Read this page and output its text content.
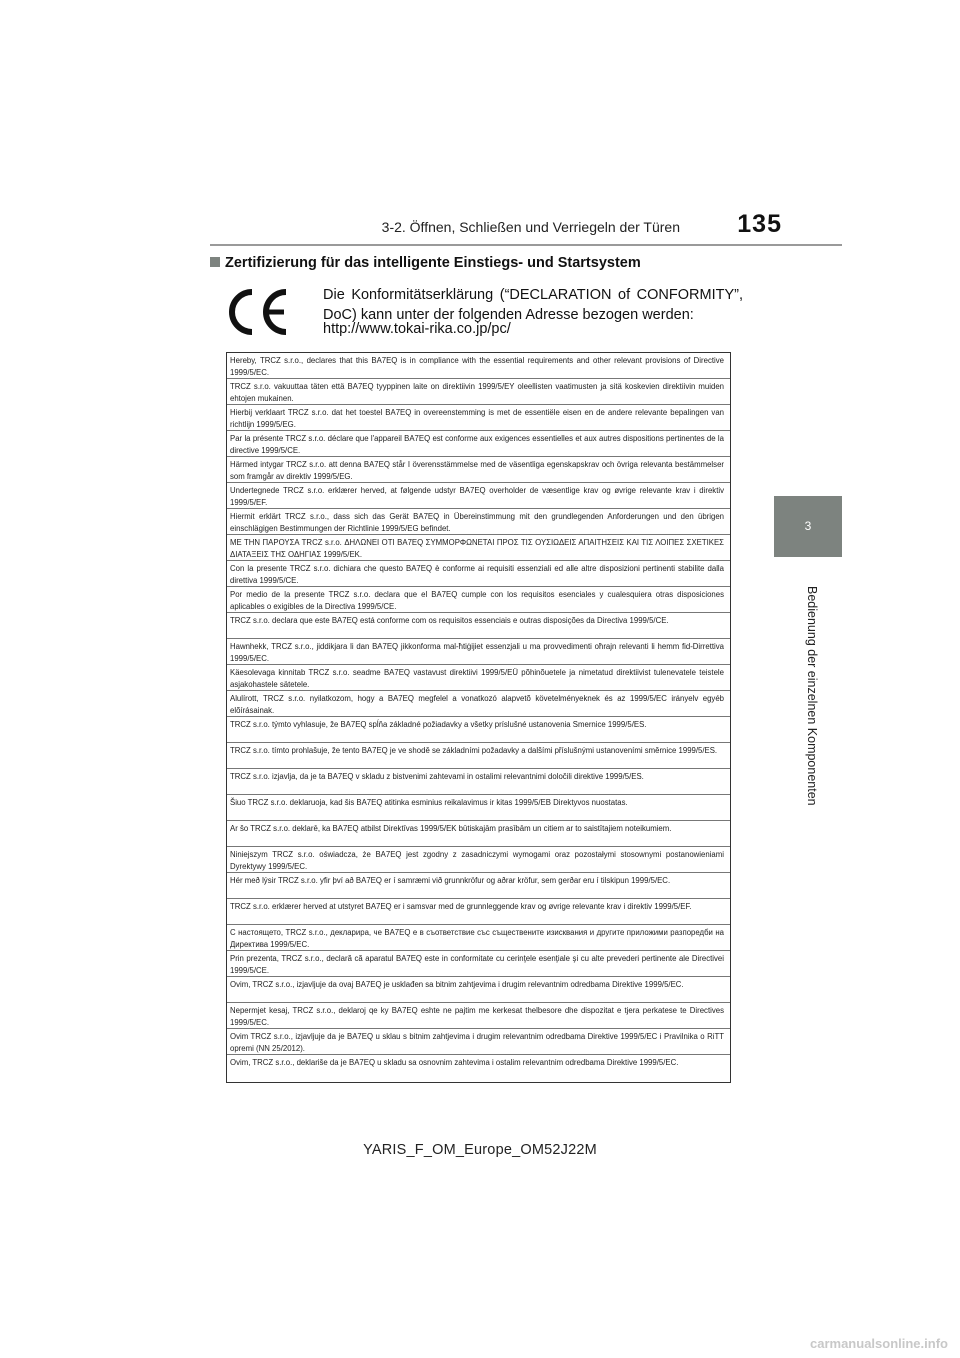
3-2. Öffnen, Schließen und Verriegeln der Türen	135
3
Bedienung der einzelnen Komponenten
Zertifizierung für das intelligente Einstiegs- und Startsystem
Die Konformitätserklärung (“DECLARATION of CONFORMITY”, DoC) kann unter der folgenden Adresse bezogen werden:
http://www.tokai-rika.co.jp/pc/

Hereby, TRCZ s.r.o., declares that this BA7EQ is in compliance with the essential requirements and other relevant provisions of Directive 1999/5/EC.

TRCZ s.r.o. vakuuttaa täten että BA7EQ tyyppinen laite on direktiivin 1999/5/EY oleellisten vaatimusten ja sitä koskevien direktiivin muiden ehtojen mukainen.

Hierbij verklaart TRCZ s.r.o. dat het toestel BA7EQ in overeenstemming is met de essentiële eisen en de andere relevante bepalingen van richtlijn 1999/5/EG.

Par la présente TRCZ s.r.o. déclare que l'appareil BA7EQ est conforme aux exigences essentielles et aux autres dispositions pertinentes de la directive 1999/5/CE.

Härmed intygar TRCZ s.r.o. att denna BA7EQ står I överensstämmelse med de väsentliga egenskapskrav och övriga relevanta bestämmelser som framgår av direktiv 1999/5/EG.

Undertegnede TRCZ s.r.o. erklærer herved, at følgende udstyr BA7EQ overholder de væsentlige krav og øvrige relevante krav i direktiv 1999/5/EF.

Hiermit erklärt TRCZ s.r.o., dass sich das Gerät BA7EQ in Übereinstimmung mit den grundlegenden Anforderungen und den übrigen einschlägigen Bestimmungen der Richtlinie 1999/5/EG befindet.

ΜΕ ΤΗΝ ΠΑΡΟΥΣΑ TRCZ s.r.o. ΔΗΛΩΝΕΙ ΟΤΙ BA7EQ ΣΥΜΜΟΡΦΩΝΕΤΑΙ ΠΡΟΣ ΤΙΣ ΟΥΣΙΩΔΕΙΣ ΑΠΑΙΤΗΣΕΙΣ ΚΑΙ ΤΙΣ ΛΟΙΠΕΣ ΣΧΕΤΙΚΕΣ ΔΙΑΤΑΞΕΙΣ ΤΗΣ ΟΔΗΓΙΑΣ 1999/5/ΕΚ.

Con la presente TRCZ s.r.o. dichiara che questo BA7EQ è conforme ai requisiti essenziali ed alle altre disposizioni pertinenti stabilite dalla direttiva 1999/5/CE.

Por medio de la presente TRCZ s.r.o. declara que el BA7EQ cumple con los requisitos esenciales y cualesquiera otras disposiciones aplicables o exigibles de la Directiva 1999/5/CE.

TRCZ s.r.o. declara que este BA7EQ está conforme com os requisitos essenciais e outras disposições da Directiva 1999/5/CE.

Hawnhekk, TRCZ s.r.o., jiddikjara li dan BA7EQ jikkonforma mal-ħtiġijiet essenzjali u ma provvedimenti oħrajn relevanti li hemm fid-Dirrettiva 1999/5/EC.

Käesolevaga kinnitab TRCZ s.r.o. seadme BA7EQ vastavust direktiivi 1999/5/EÜ põhinõuetele ja nimetatud direktiivist tulenevatele teistele asjakohastele sätetele.

Alulírott, TRCZ s.r.o. nyilatkozom, hogy a BA7EQ megfelel a vonatkozó alapvetõ követelményeknek és az 1999/5/EC irányelv egyéb elõírásainak.

TRCZ s.r.o. týmto vyhlasuje, že BA7EQ spĺňa základné požiadavky a všetky príslušné ustanovenia Smernice 1999/5/ES.

TRCZ s.r.o. tímto prohlašuje, že tento BA7EQ je ve shodě se základními požadavky a dalšími příslušnými ustanoveními směrnice 1999/5/ES.

TRCZ s.r.o. izjavlja, da je ta BA7EQ v skladu z bistvenimi zahtevami in ostalimi relevantnimi določili direktive 1999/5/ES.

Šiuo TRCZ s.r.o. deklaruoja, kad šis BA7EQ atitinka esminius reikalavimus ir kitas 1999/5/EB Direktyvos nuostatas.

Ar šo TRCZ s.r.o. deklarē, ka BA7EQ atbilst Direktīvas 1999/5/EK būtiskajām prasībām un citiem ar to saistītajiem noteikumiem.

Niniejszym TRCZ s.r.o. oświadcza, że BA7EQ jest zgodny z zasadniczymi wymogami oraz pozostałymi stosownymi postanowieniami Dyrektywy 1999/5/EC.

Hér með lýsir TRCZ s.r.o. yfir því að BA7EQ er í samræmi við grunnkröfur og aðrar kröfur, sem gerðar eru í tilskipun 1999/5/EC.

TRCZ s.r.o. erklærer herved at utstyret BA7EQ er i samsvar med de grunnleggende krav og øvrige relevante krav i direktiv 1999/5/EF.

С настоящето, TRCZ s.r.o., декларира, че BA7EQ е в съответствие със съществените изисквания и другите приложими разпоредби на Директива 1999/5/EC.

Prin prezenta, TRCZ s.r.o., declară că aparatul BA7EQ este in conformitate cu cerinţele esenţiale şi cu alte prevederi pertinente ale Directivei 1999/5/CE.

Ovim, TRCZ s.r.o., izjavljuje da ovaj BA7EQ je usklađen sa bitnim zahtjevima i drugim relevantnim odredbama Direktive 1999/5/EC.

Nepermjet kesaj, TRCZ s.r.o., deklaroj qe ky BA7EQ eshte ne pajtim me kerkesat thelbesore dhe dispozitat e tjera perkatese te Directives 1999/5/EC.

Ovim TRCZ s.r.o., izjavljuje da je BA7EQ u sklau s bitnim zahtjevima i drugim relevantnim odredbama Direktive 1999/5/EC i Pravilnika o RiTT opremi (NN 25/2012).

Ovim, TRCZ s.r.o., deklariše da je BA7EQ u skladu sa osnovnim zahtevima i ostalim relevantnim odredbama Direktive 1999/5/EC.

YARIS_F_OM_Europe_OM52J22M
carmanualsonline.info
